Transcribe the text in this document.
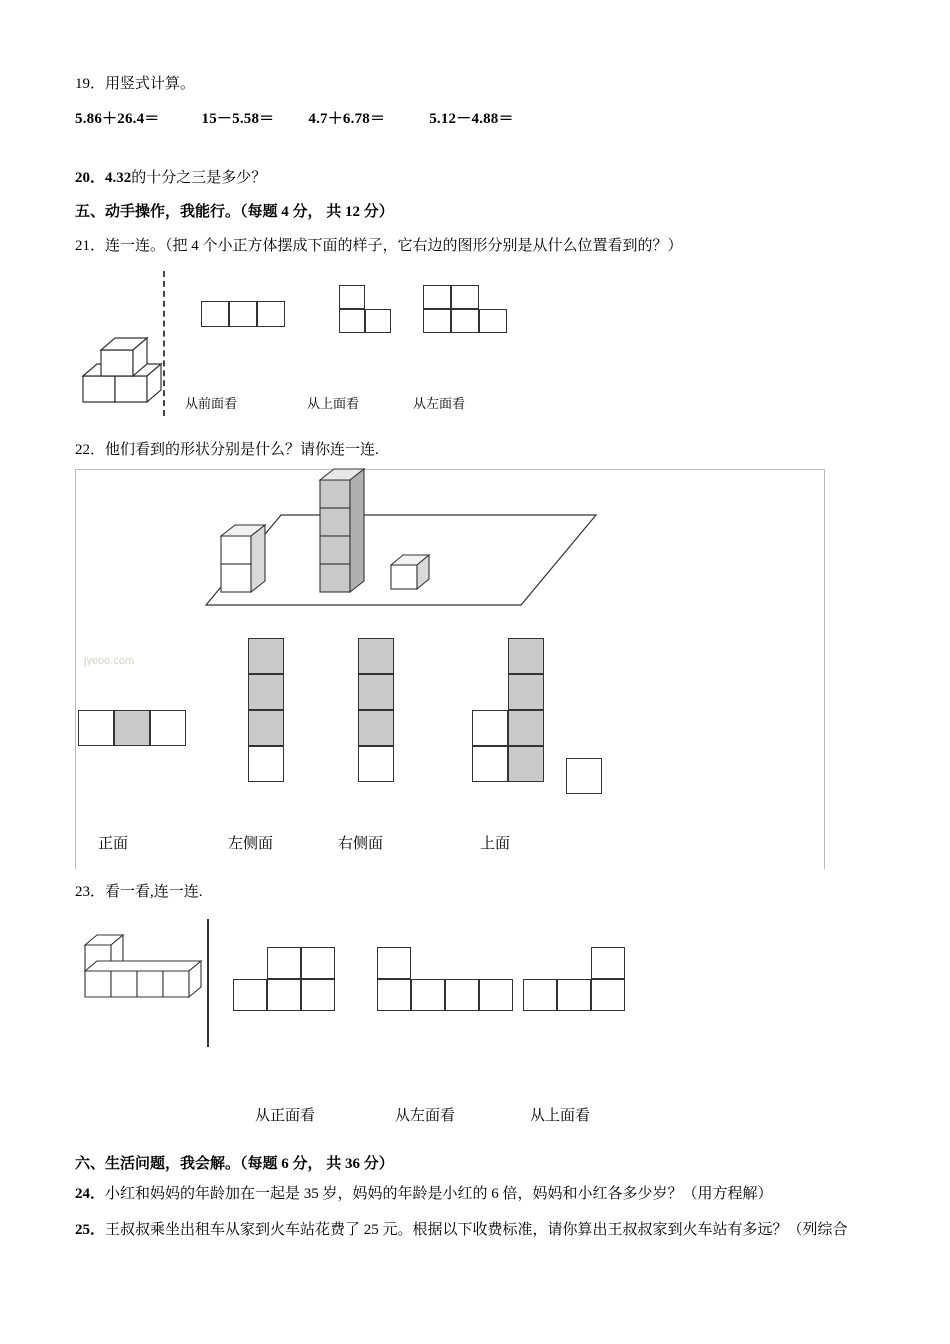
19．用竖式计算。
5.86＋26.4＝	15－5.58＝ 4.7＋6.78＝	5.12－4.88＝
20．4.32的十分之三是多少？
五、动手操作，我能行。（每题 4 分， 共 12 分）
21．连一连。（把 4 个小正方体摆成下面的样子，它右边的图形分别是从什么位置看到的？）
从前面看	从上面看	从左面看
22．他们看到的形状分别是什么？请你连一连.
jyeoo.com
正面	左侧面	右侧面	上面
23．看一看,连一连.
从正面看	从左面看	从上面看
六、生活问题，我会解。（每题 6 分， 共 36 分）
24．小红和妈妈的年龄加在一起是 35 岁，妈妈的年龄是小红的 6 倍，妈妈和小红各多少岁？（用方程解）
25．王叔叔乘坐出租车从家到火车站花费了 25 元。根据以下收费标准，请你算出王叔叔家到火车站有多远？（列综合
